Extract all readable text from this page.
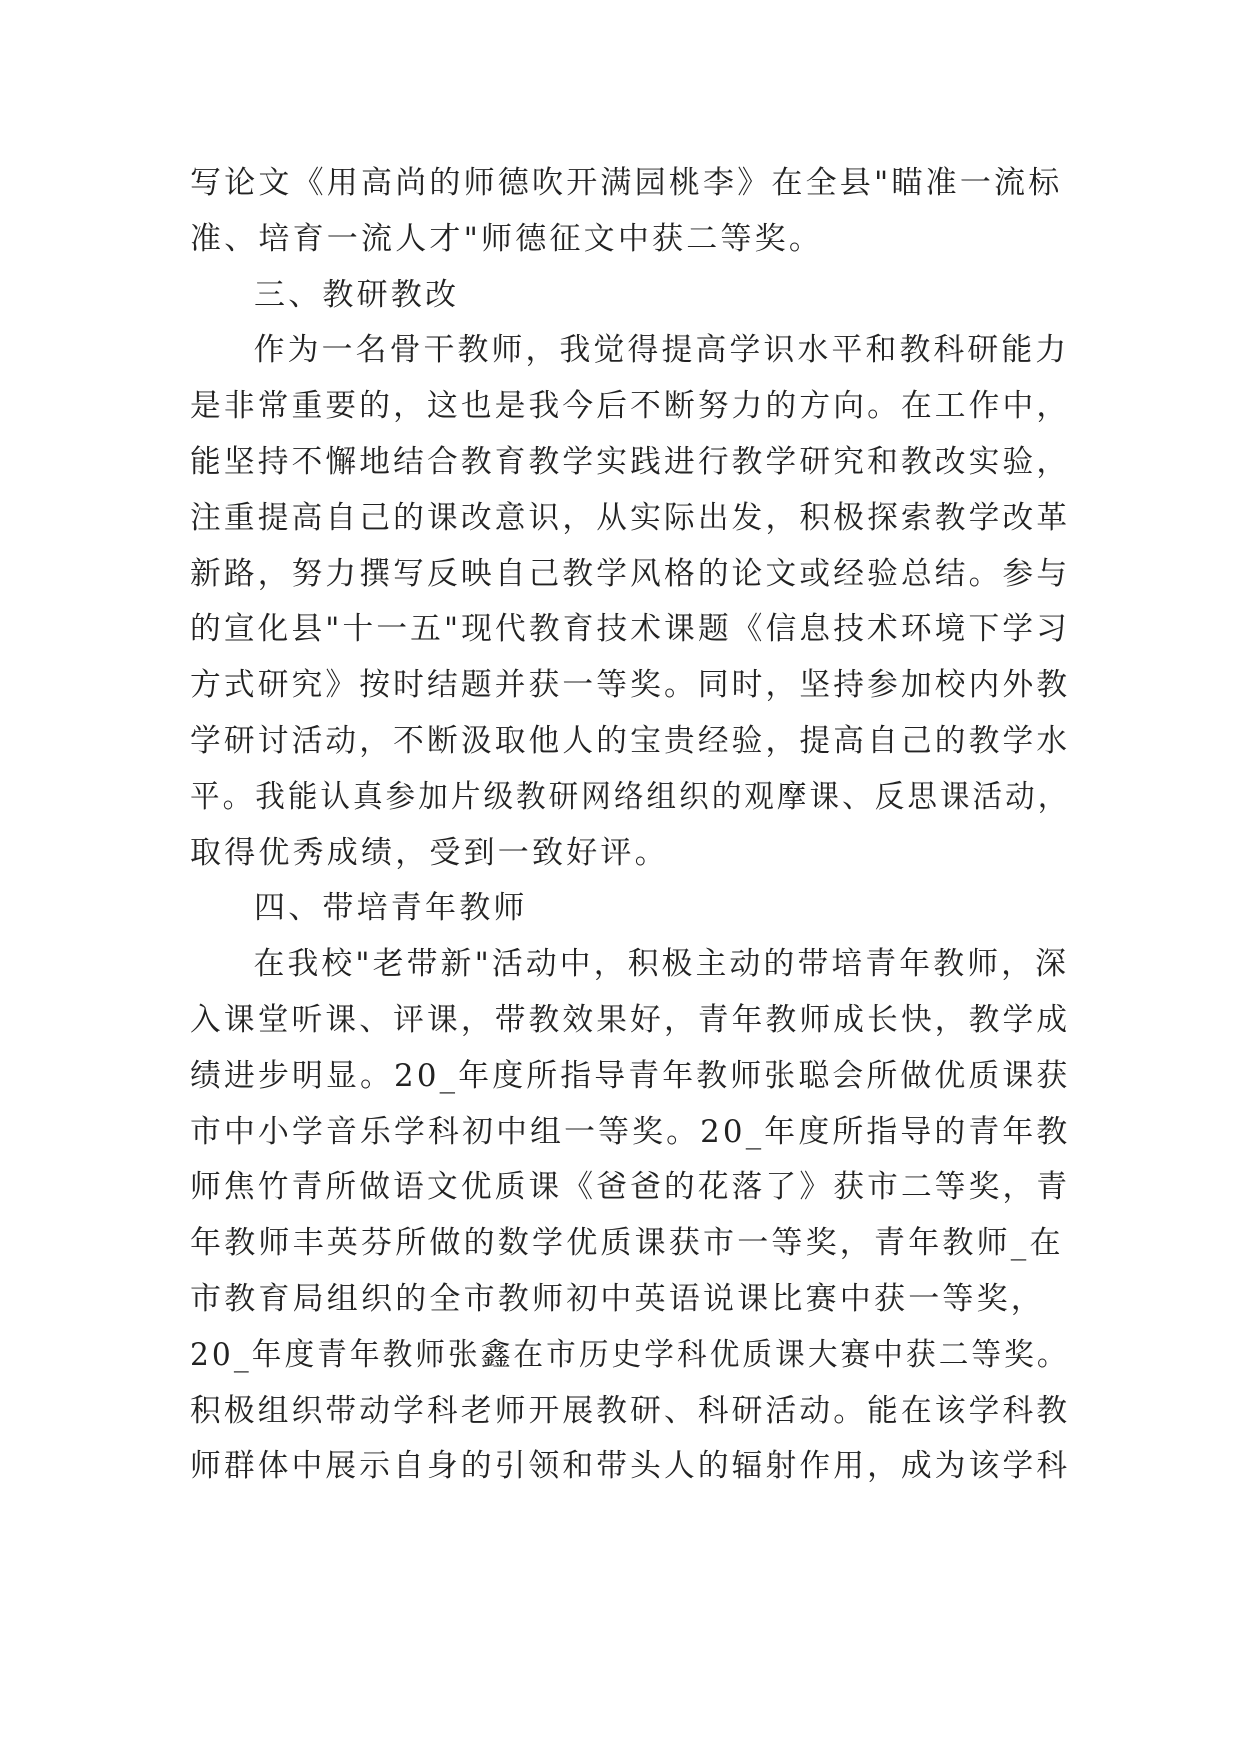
写论文《用高尚的师德吹开满园桃李》在全县"瞄准一流标
准、培育一流人才"师德征文中获二等奖。
三、教研教改
作为一名骨干教师，我觉得提高学识水平和教科研能力
是非常重要的，这也是我今后不断努力的方向。在工作中，
能坚持不懈地结合教育教学实践进行教学研究和教改实验，
注重提高自己的课改意识，从实际出发，积极探索教学改革
新路，努力撰写反映自己教学风格的论文或经验总结。参与
的宣化县"十一五"现代教育技术课题《信息技术环境下学习
方式研究》按时结题并获一等奖。同时，坚持参加校内外教
学研讨活动，不断汲取他人的宝贵经验，提高自己的教学水
平。我能认真参加片级教研网络组织的观摩课、反思课活动，
取得优秀成绩，受到一致好评。
四、带培青年教师
在我校"老带新"活动中，积极主动的带培青年教师，深
入课堂听课、评课，带教效果好，青年教师成长快，教学成
绩进步明显。20_年度所指导青年教师张聪会所做优质课获
市中小学音乐学科初中组一等奖。20_年度所指导的青年教
师焦竹青所做语文优质课《爸爸的花落了》获市二等奖，青
年教师丰英芬所做的数学优质课获市一等奖，青年教师_在
市教育局组织的全市教师初中英语说课比赛中获一等奖，
20_年度青年教师张鑫在市历史学科优质课大赛中获二等奖。
积极组织带动学科老师开展教研、科研活动。能在该学科教
师群体中展示自身的引领和带头人的辐射作用，成为该学科
